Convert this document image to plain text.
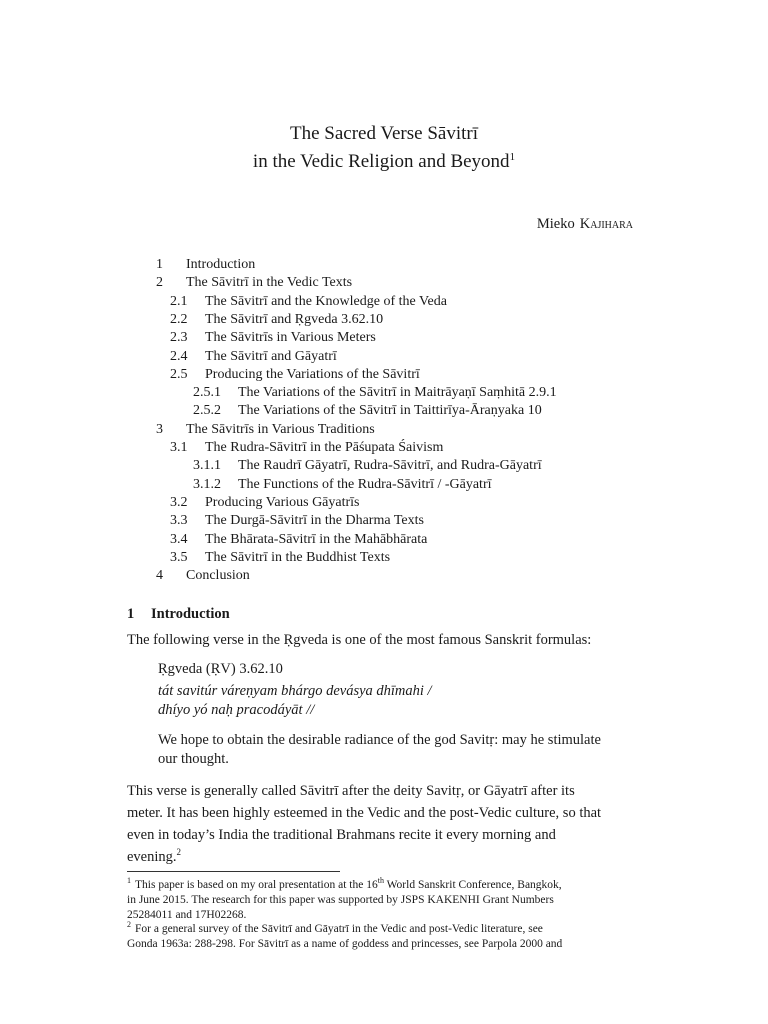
The Sacred Verse Sāvitrī
in the Vedic Religion and Beyond$^1$
Mieko Kajihara
1 Introduction
2 The Sāvitrī in the Vedic Texts
2.1 The Sāvitrī and the Knowledge of the Veda
2.2 The Sāvitrī and Ṛgveda 3.62.10
2.3 The Sāvitrīs in Various Meters
2.4 The Sāvitrī and Gāyatrī
2.5 Producing the Variations of the Sāvitrī
2.5.1 The Variations of the Sāvitrī in Maitrāyaṇī Saṃhitā 2.9.1
2.5.2 The Variations of the Sāvitrī in Taittirīya-Āraṇyaka 10
3 The Sāvitrīs in Various Traditions
3.1 The Rudra-Sāvitrī in the Pāśupata Śaivism
3.1.1 The Raudrī Gāyatrī, Rudra-Sāvitrī, and Rudra-Gāyatrī
3.1.2 The Functions of the Rudra-Sāvitrī / -Gāyatrī
3.2 Producing Various Gāyatrīs
3.3 The Durgā-Sāvitrī in the Dharma Texts
3.4 The Bhārata-Sāvitrī in the Mahābhārata
3.5 The Sāvitrī in the Buddhist Texts
4 Conclusion
1 Introduction
The following verse in the Ṛgveda is one of the most famous Sanskrit formulas:
Ṛgveda (ṚV) 3.62.10
tát savitúr váreṇyam bhárgo devásya dhīmahi /
dhíyo yó naḥ pracodáyāt //
We hope to obtain the desirable radiance of the god Savitṛ: may he stimulate
our thought.
This verse is generally called Sāvitrī after the deity Savitṛ, or Gāyatrī after its
meter. It has been highly esteemed in the Vedic and the post-Vedic culture, so that
even in today’s India the traditional Brahmans recite it every morning and
evening.$^2$
$^1$ This paper is based on my oral presentation at the 16th World Sanskrit Conference, Bangkok,
in June 2015. The research for this paper was supported by JSPS KAKENHI Grant Numbers
25284011 and 17H02268.
$^2$ For a general survey of the Sāvitrī and Gāyatrī in the Vedic and post-Vedic literature, see
Gonda 1963a: 288-298. For Sāvitrī as a name of goddess and princesses, see Parpola 2000 and
